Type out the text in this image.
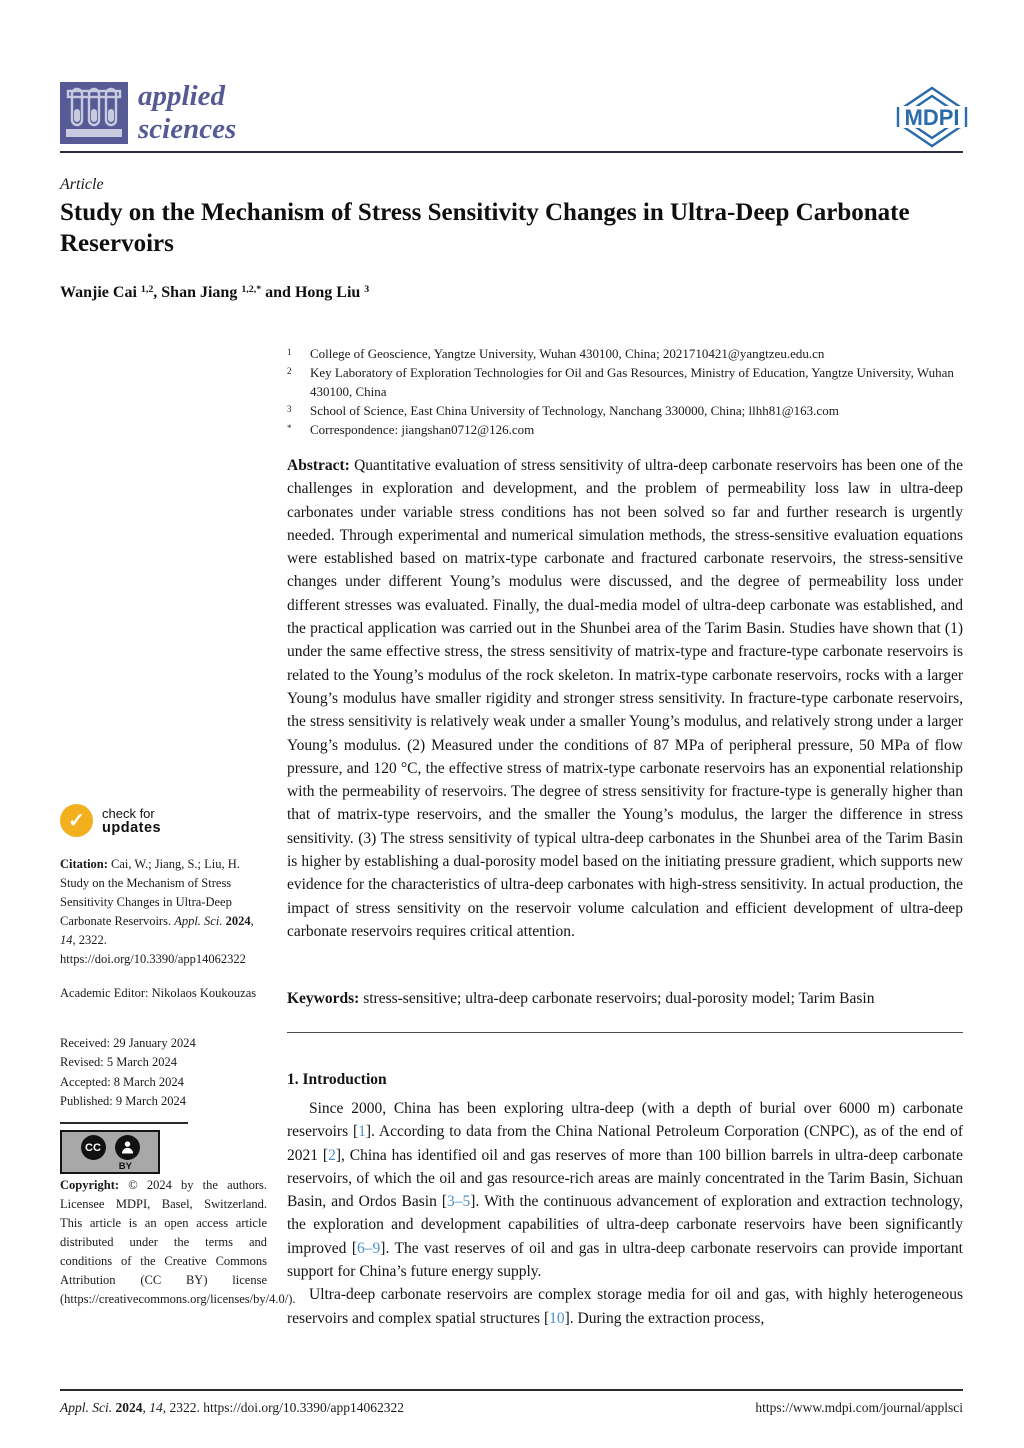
applied
sciences	MDPI
Article
Study on the Mechanism of Stress Sensitivity Changes in Ultra-Deep Carbonate Reservoirs
Wanjie Cai $^{1,2}$, Shan Jiang $^{1,2,*}$ and Hong Liu $^3$
1	College of Geoscience, Yangtze University, Wuhan 430100, China; 2021710421@yangtzeu.edu.cn
2	Key Laboratory of Exploration Technologies for Oil and Gas Resources, Ministry of Education, Yangtze University, Wuhan 430100, China
3	School of Science, East China University of Technology, Nanchang 330000, China; llhh81@163.com
*	Correspondence: jiangshan0712@126.com
Abstract: Quantitative evaluation of stress sensitivity of ultra-deep carbonate reservoirs has been one of the challenges in exploration and development, and the problem of permeability loss law in ultra-deep carbonates under variable stress conditions has not been solved so far and further research is urgently needed. Through experimental and numerical simulation methods, the stress-sensitive evaluation equations were established based on matrix-type carbonate and fractured carbonate reservoirs, the stress-sensitive changes under different Young’s modulus were discussed, and the degree of permeability loss under different stresses was evaluated. Finally, the dual-media model of ultra-deep carbonate was established, and the practical application was carried out in the Shunbei area of the Tarim Basin. Studies have shown that (1) under the same effective stress, the stress sensitivity of matrix-type and fracture-type carbonate reservoirs is related to the Young’s modulus of the rock skeleton. In matrix-type carbonate reservoirs, rocks with a larger Young’s modulus have smaller rigidity and stronger stress sensitivity. In fracture-type carbonate reservoirs, the stress sensitivity is relatively weak under a smaller Young’s modulus, and relatively strong under a larger Young’s modulus. (2) Measured under the conditions of 87 MPa of peripheral pressure, 50 MPa of flow pressure, and 120 °C, the effective stress of matrix-type carbonate reservoirs has an exponential relationship with the permeability of reservoirs. The degree of stress sensitivity for fracture-type is generally higher than that of matrix-type reservoirs, and the smaller the Young’s modulus, the larger the difference in stress sensitivity. (3) The stress sensitivity of typical ultra-deep carbonates in the Shunbei area of the Tarim Basin is higher by establishing a dual-porosity model based on the initiating pressure gradient, which supports new evidence for the characteristics of ultra-deep carbonates with high-stress sensitivity. In actual production, the impact of stress sensitivity on the reservoir volume calculation and efficient development of ultra-deep carbonate reservoirs requires critical attention.
Keywords: stress-sensitive; ultra-deep carbonate reservoirs; dual-porosity model; Tarim Basin

1. Introduction

Since 2000, China has been exploring ultra-deep (with a depth of burial over 6000 m) carbonate reservoirs [1]. According to data from the China National Petroleum Corporation (CNPC), as of the end of 2021 [2], China has identified oil and gas reserves of more than 100 billion barrels in ultra-deep carbonate reservoirs, of which the oil and gas resource-rich areas are mainly concentrated in the Tarim Basin, Sichuan Basin, and Ordos Basin [3–5]. With the continuous advancement of exploration and extraction technology, the exploration and development capabilities of ultra-deep carbonate reservoirs have been significantly improved [6–9]. The vast reserves of oil and gas in ultra-deep carbonate reservoirs can provide important support for China’s future energy supply.

Ultra-deep carbonate reservoirs are complex storage media for oil and gas, with highly heterogeneous reservoirs and complex spatial structures [10]. During the extraction process,

✓	check for
updates
Citation: Cai, W.; Jiang, S.; Liu, H. Study on the Mechanism of Stress Sensitivity Changes in Ultra-Deep Carbonate Reservoirs. Appl. Sci. 2024, 14, 2322. https://doi.org/10.3390/app14062322
Academic Editor: Nikolaos Koukouzas
Received: 29 January 2024
Revised: 5 March 2024
Accepted: 8 March 2024
Published: 9 March 2024
CC
BY
Copyright: © 2024 by the authors. Licensee MDPI, Basel, Switzerland. This article is an open access article distributed under the terms and conditions of the Creative Commons Attribution (CC BY) license (https://creativecommons.org/licenses/by/4.0/).
Appl. Sci. 2024, 14, 2322. https://doi.org/10.3390/app14062322	https://www.mdpi.com/journal/applsci
